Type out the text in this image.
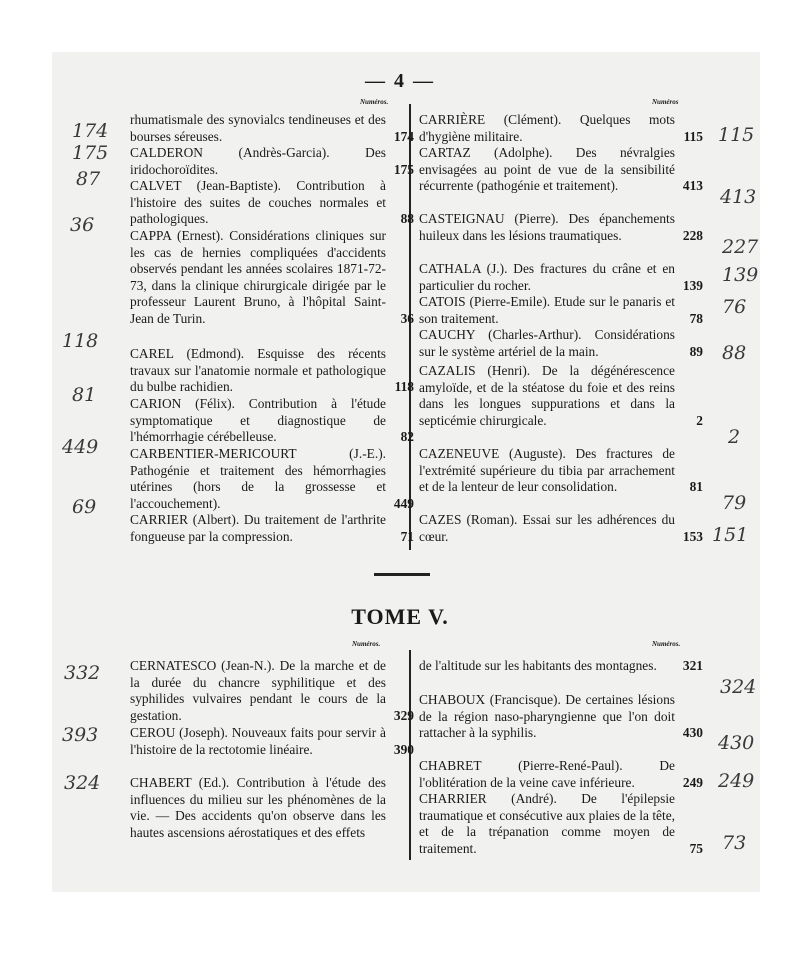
— 4 —
Numéros.	Numéros
rhumatismale des synovialcs tendineuses et des bourses séreuses.	174
CALDERON (Andrès-Garcia). Des iridochoroïdites.	175
CALVET (Jean-Baptiste). Contribution à l'histoire des suites de couches normales et pathologiques.	88
CAPPA (Ernest). Considérations cliniques sur les cas de hernies compliquées d'accidents observés pendant les années scolaires 1871-72-73, dans la clinique chirurgicale dirigée par le professeur Laurent Bruno, à l'hôpital Saint-Jean de Turin.	36
CAREL (Edmond). Esquisse des récents travaux sur l'anatomie normale et pathologique du bulbe rachidien.	118
CARION (Félix). Contribution à l'étude symptomatique et diagnostique de l'hémorrhagie cérébelleuse.	82
CARBENTIER-MERICOURT (J.-E.). Pathogénie et traitement des hémorrhagies utérines (hors de la grossesse et l'accouchement).	449
CARRIER (Albert). Du traitement de l'arthrite fongueuse par la compression.	71
CARRIÈRE (Clément). Quelques mots d'hygiène militaire.	115
CARTAZ (Adolphe). Des névralgies envisagées au point de vue de la sensibilité récurrente (pathogénie et traitement).	413
CASTEIGNAU (Pierre). Des épanchements huileux dans les lésions traumatiques.	228
CATHALA (J.). Des fractures du crâne et en particulier du rocher.	139
CATOIS (Pierre-Emile). Etude sur le panaris et son traitement.	78
CAUCHY (Charles-Arthur). Considérations sur le système artériel de la main.	89
CAZALIS (Henri). De la dégénérescence amyloïde, et de la stéatose du foie et des reins dans les longues suppurations et dans la septicémie chirurgicale.	2
CAZENEUVE (Auguste). Des fractures de l'extrémité supérieure du tibia par arrachement et de la lenteur de leur consolidation.	81
CAZES (Roman). Essai sur les adhérences du cœur.	153
TOME V.
Numéros.	Numéros.
CERNATESCO (Jean-N.). De la marche et de la durée du chancre syphilitique et des syphilides vulvaires pendant le cours de la gestation.	329
CEROU (Joseph). Nouveaux faits pour servir à l'histoire de la rectotomie linéaire.	390
CHABERT (Ed.). Contribution à l'étude des influences du milieu sur les phénomènes de la vie. — Des accidents qu'on observe dans les hautes ascensions aérostatiques et des effets
de l'altitude sur les habitants des montagnes.	321
CHABOUX (Francisque). De certaines lésions de la région naso-pharyngienne que l'on doit rattacher à la syphilis.	430
CHABRET (Pierre-René-Paul). De l'oblitération de la veine cave inférieure.	249
CHARRIER (André). De l'épilepsie traumatique et consécutive aux plaies de la tête, et de la trépanation comme moyen de traitement.	75
174
175
87
36
118
81
449
69
115
413
227
139
76
88
2
79
151
332
393
324
324
430
249
73
